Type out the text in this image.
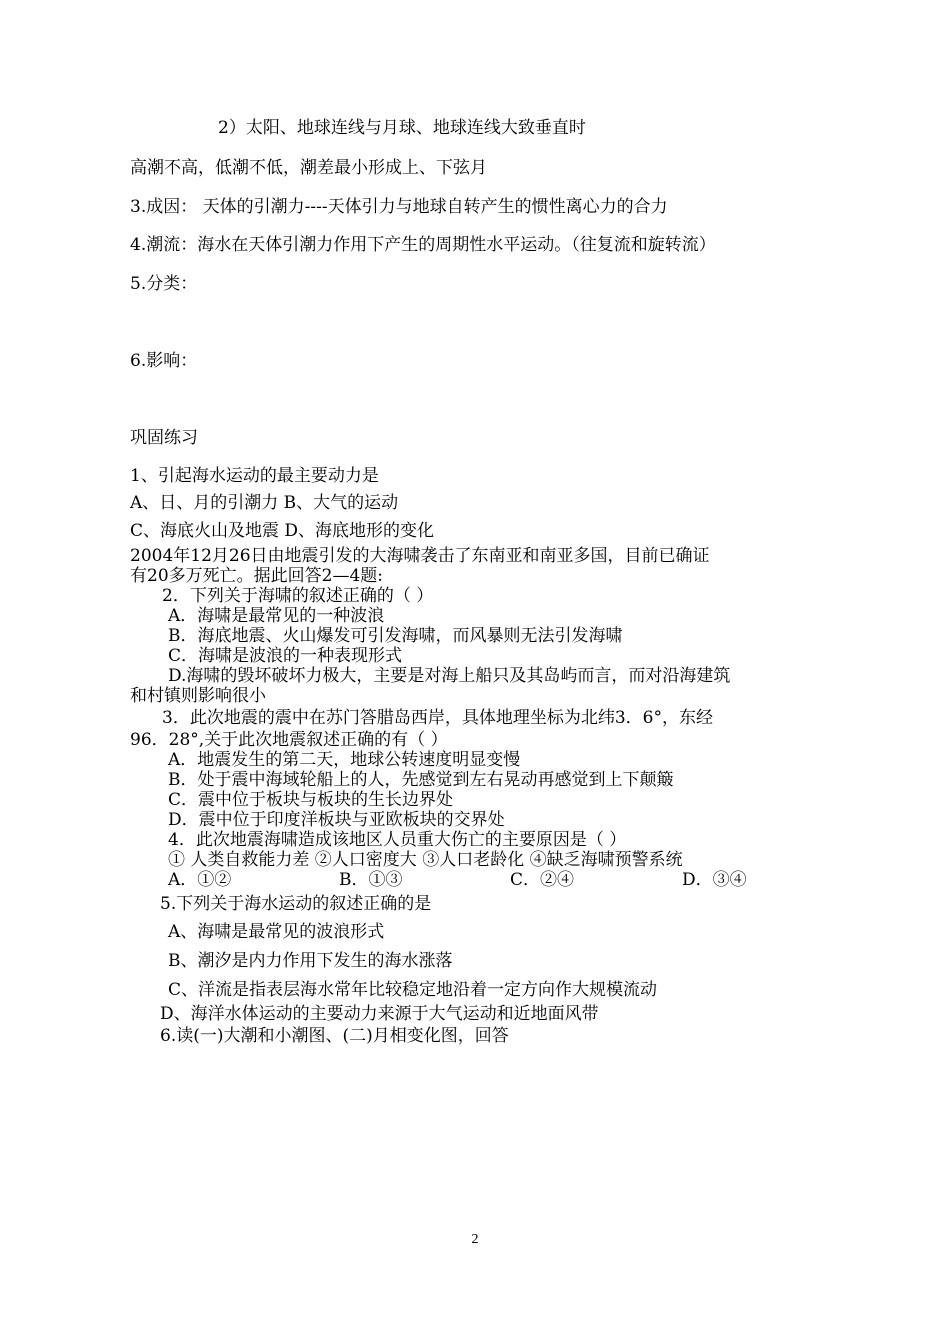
2）太阳、地球连线与月球、地球连线大致垂直时
高潮不高，低潮不低，潮差最小形成上、下弦月
3.成因： 天体的引潮力----天体引力与地球自转产生的惯性离心力的合力
4.潮流：海水在天体引潮力作用下产生的周期性水平运动。（往复流和旋转流）
5.分类：
6.影响：
巩固练习
1、引起海水运动的最主要动力是
A、日、月的引潮力 B、大气的运动
C、海底火山及地震 D、海底地形的变化
2004年12月26日由地震引发的大海啸袭击了东南亚和南亚多国，目前已确证
有20多万死亡。据此回答2—4题:
2．下列关于海啸的叙述正确的（ ）
A．海啸是最常见的一种波浪
B．海底地震、火山爆发可引发海啸，而风暴则无法引发海啸
C．海啸是波浪的一种表现形式
D.海啸的毁坏破坏力极大，主要是对海上船只及其岛屿而言，而对沿海建筑
和村镇则影响很小
3．此次地震的震中在苏门答腊岛西岸，具体地理坐标为北纬3．6°，东经
96．28°,关于此次地震叙述正确的有（ ）
A．地震发生的第二天，地球公转速度明显变慢
B．处于震中海域轮船上的人，先感觉到左右晃动再感觉到上下颠簸
C．震中位于板块与板块的生长边界处
D．震中位于印度洋板块与亚欧板块的交界处
4．此次地震海啸造成该地区人员重大伤亡的主要原因是（ ）
① 人类自救能力差 ②人口密度大 ③人口老龄化 ④缺乏海啸预警系统
A．①②	B．①③	C．②④	D．③④
5.下列关于海水运动的叙述正确的是
A、海啸是最常见的波浪形式
B、潮汐是内力作用下发生的海水涨落
C、洋流是指表层海水常年比较稳定地沿着一定方向作大规模流动
D、海洋水体运动的主要动力来源于大气运动和近地面风带
6.读(一)大潮和小潮图、(二)月相变化图，回答
2
